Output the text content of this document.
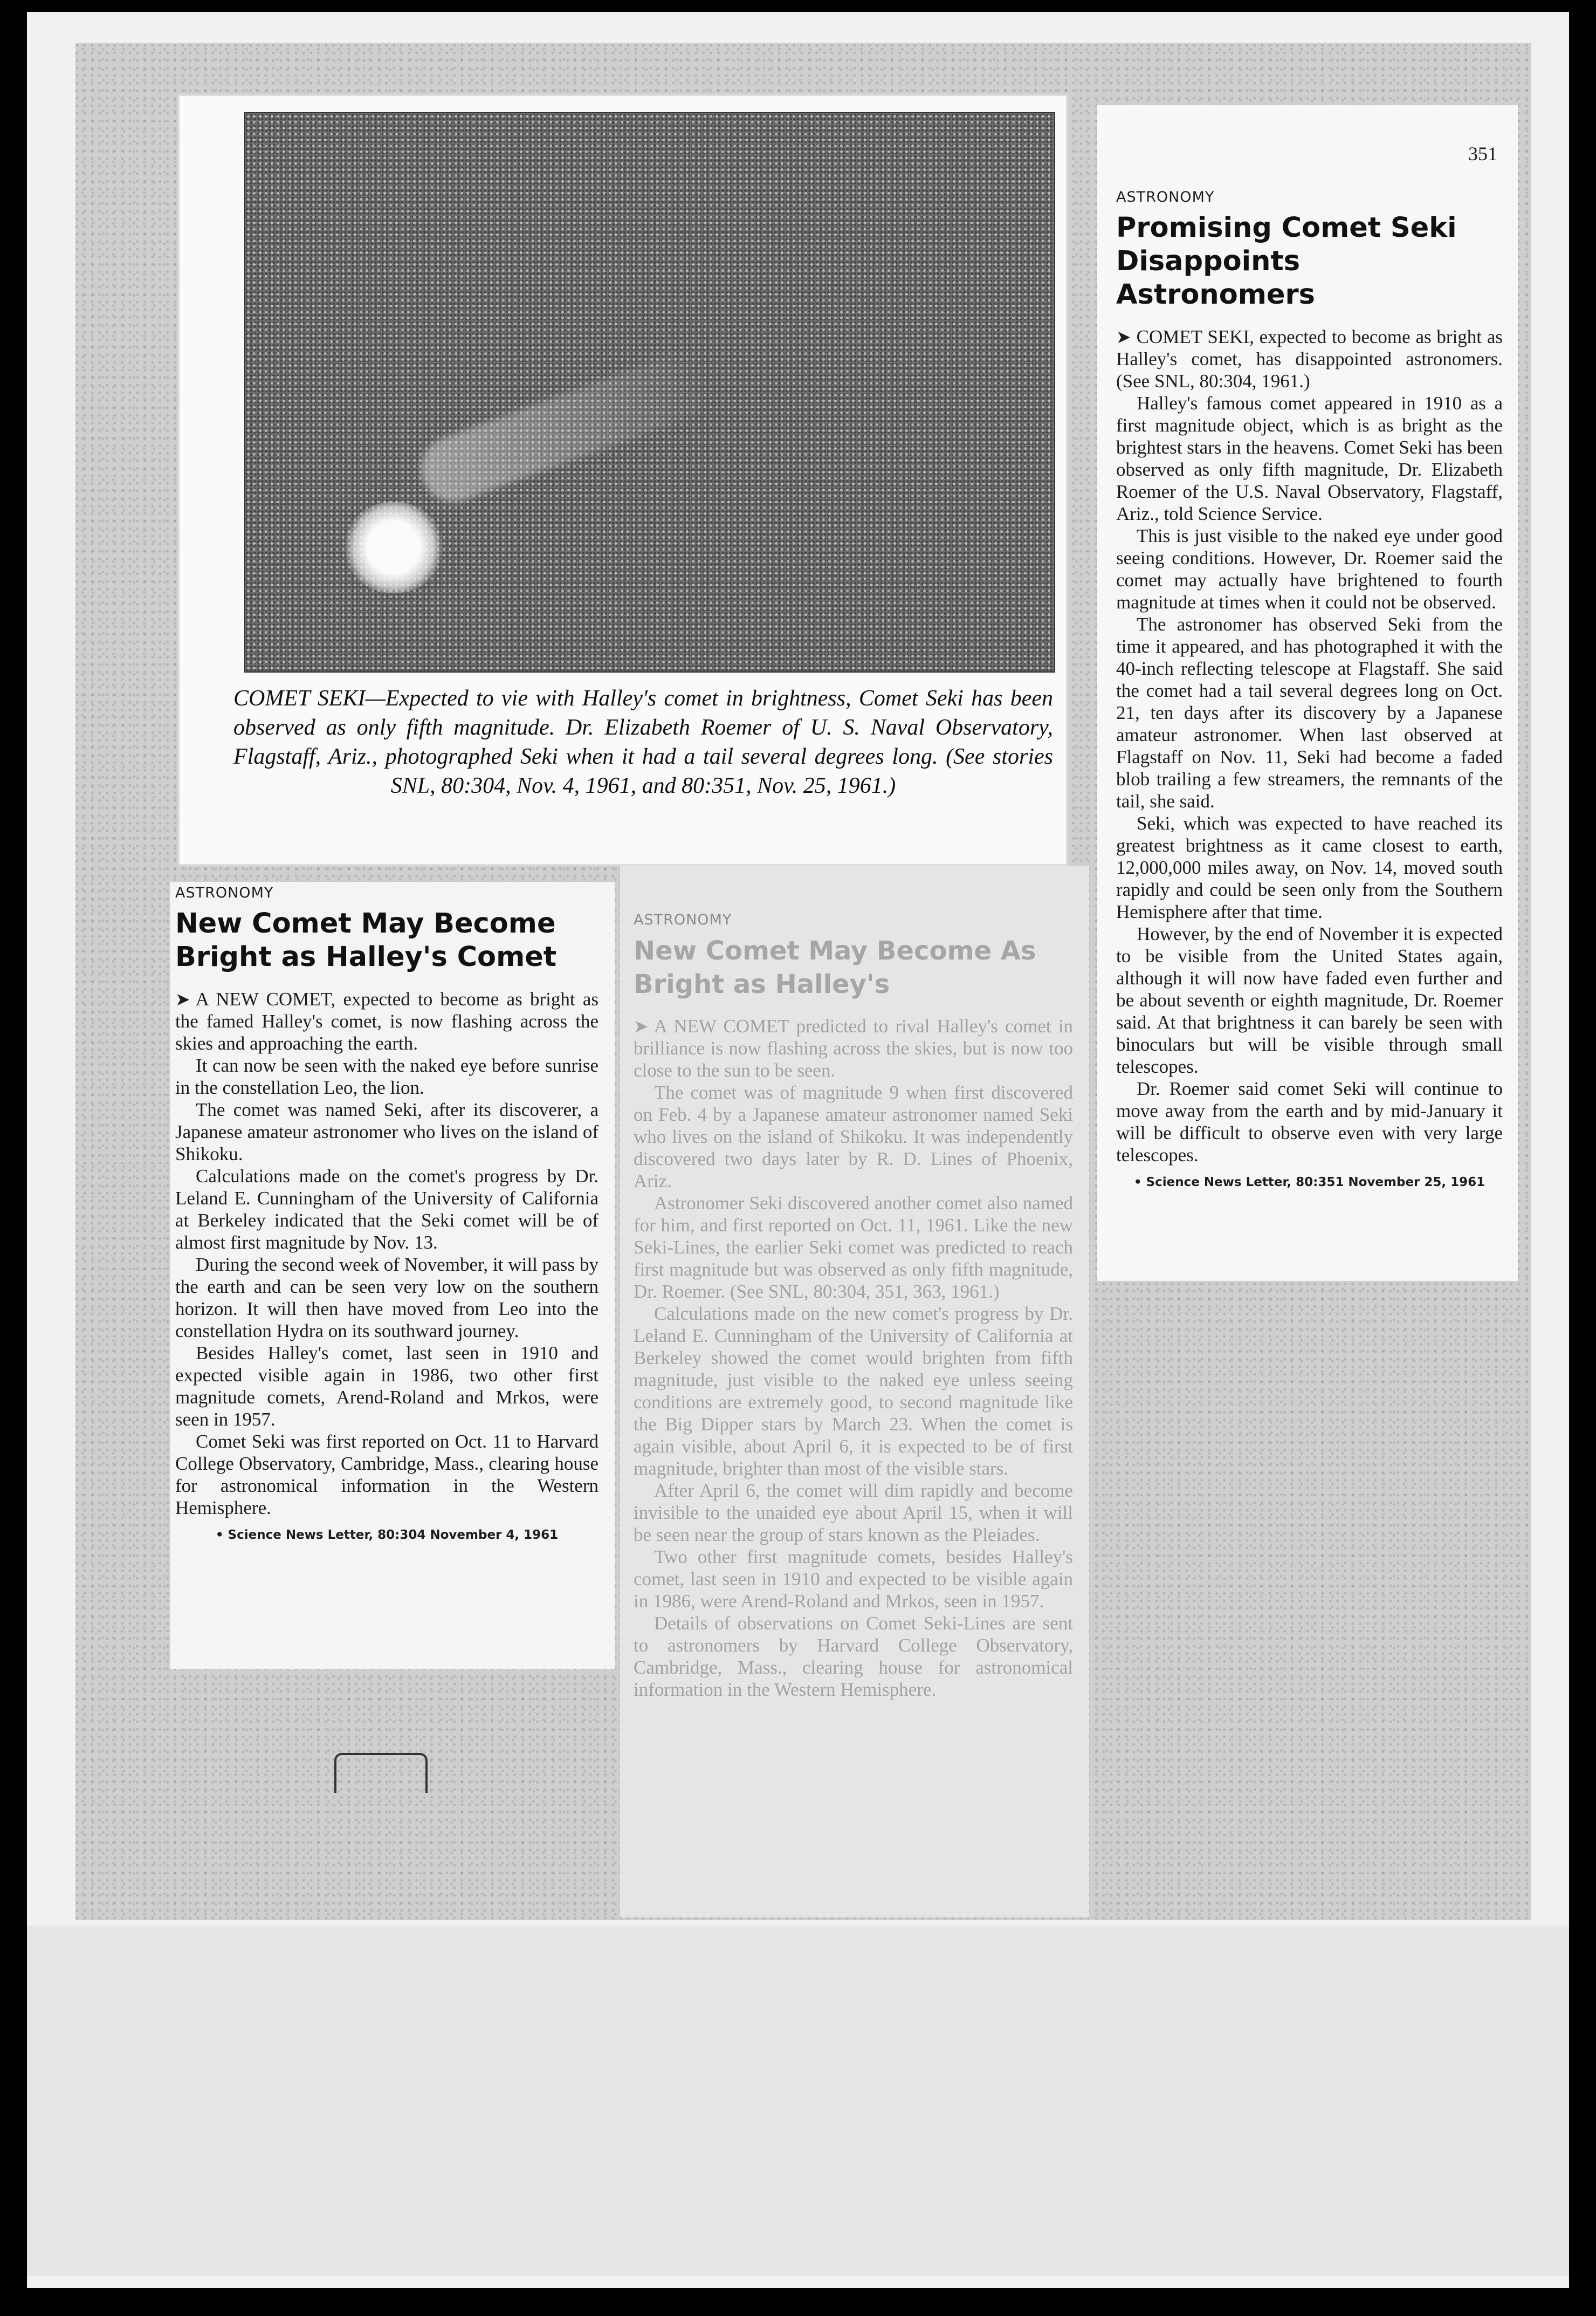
COMET SEKI—Expected to vie with Halley's comet in brightness, Comet Seki has been observed as only fifth magnitude. Dr. Elizabeth Roemer of U. S. Naval Observatory, Flagstaff, Ariz., photographed Seki when it had a tail several degrees long. (See stories SNL, 80:304, Nov. 4, 1961, and 80:351, Nov. 25, 1961.)
351
ASTRONOMY
Promising Comet Seki Disappoints Astronomers

➤ COMET SEKI, expected to become as bright as Halley's comet, has disappointed astronomers. (See SNL, 80:304, 1961.)

Halley's famous comet appeared in 1910 as a first magnitude object, which is as bright as the brightest stars in the heavens. Comet Seki has been observed as only fifth magnitude, Dr. Elizabeth Roemer of the U.S. Naval Observatory, Flagstaff, Ariz., told Science Service.

This is just visible to the naked eye under good seeing conditions. However, Dr. Roemer said the comet may actually have brightened to fourth magnitude at times when it could not be observed.

The astronomer has observed Seki from the time it appeared, and has photographed it with the 40-inch reflecting telescope at Flagstaff. She said the comet had a tail several degrees long on Oct. 21, ten days after its discovery by a Japanese amateur astronomer. When last observed at Flagstaff on Nov. 11, Seki had become a faded blob trailing a few streamers, the remnants of the tail, she said.

Seki, which was expected to have reached its greatest brightness as it came closest to earth, 12,000,000 miles away, on Nov. 14, moved south rapidly and could be seen only from the Southern Hemisphere after that time.

However, by the end of November it is expected to be visible from the United States again, although it will now have faded even further and be about seventh or eighth magnitude, Dr. Roemer said. At that brightness it can barely be seen with binoculars but will be visible through small telescopes.

Dr. Roemer said comet Seki will continue to move away from the earth and by mid-January it will be difficult to observe even with very large telescopes.

• Science News Letter, 80:351 November 25, 1961
ASTRONOMY
New Comet May Become Bright as Halley's Comet

➤ A NEW COMET, expected to become as bright as the famed Halley's comet, is now flashing across the skies and approaching the earth.

It can now be seen with the naked eye before sunrise in the constellation Leo, the lion.

The comet was named Seki, after its discoverer, a Japanese amateur astronomer who lives on the island of Shikoku.

Calculations made on the comet's progress by Dr. Leland E. Cunningham of the University of California at Berkeley indicated that the Seki comet will be of almost first magnitude by Nov. 13.

During the second week of November, it will pass by the earth and can be seen very low on the southern horizon. It will then have moved from Leo into the constellation Hydra on its southward journey.

Besides Halley's comet, last seen in 1910 and expected visible again in 1986, two other first magnitude comets, Arend-Roland and Mrkos, were seen in 1957.

Comet Seki was first reported on Oct. 11 to Harvard College Observatory, Cambridge, Mass., clearing house for astronomical information in the Western Hemisphere.

• Science News Letter, 80:304 November 4, 1961
ASTRONOMY
New Comet May Become As Bright as Halley's

➤ A NEW COMET predicted to rival Halley's comet in brilliance is now flashing across the skies, but is now too close to the sun to be seen.

The comet was of magnitude 9 when first discovered on Feb. 4 by a Japanese amateur astronomer named Seki who lives on the island of Shikoku. It was independently discovered two days later by R. D. Lines of Phoenix, Ariz.

Astronomer Seki discovered another comet also named for him, and first reported on Oct. 11, 1961. Like the new Seki-Lines, the earlier Seki comet was predicted to reach first magnitude but was observed as only fifth magnitude, Dr. Roemer. (See SNL, 80:304, 351, 363, 1961.)

Calculations made on the new comet's progress by Dr. Leland E. Cunningham of the University of California at Berkeley showed the comet would brighten from fifth magnitude, just visible to the naked eye unless seeing conditions are extremely good, to second magnitude like the Big Dipper stars by March 23. When the comet is again visible, about April 6, it is expected to be of first magnitude, brighter than most of the visible stars.

After April 6, the comet will dim rapidly and become invisible to the unaided eye about April 15, when it will be seen near the group of stars known as the Pleiades.

Two other first magnitude comets, besides Halley's comet, last seen in 1910 and expected to be visible again in 1986, were Arend-Roland and Mrkos, seen in 1957.

Details of observations on Comet Seki-Lines are sent to astronomers by Harvard College Observatory, Cambridge, Mass., clearing house for astronomical information in the Western Hemisphere.
